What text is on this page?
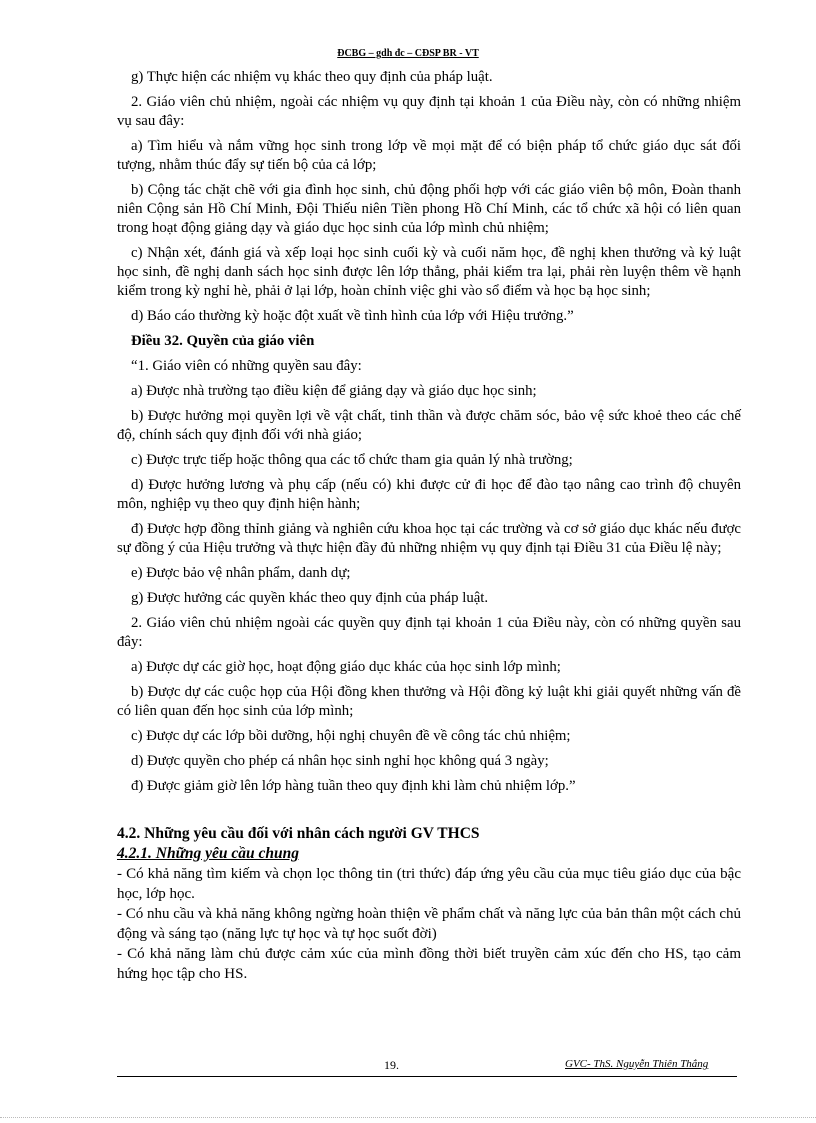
ĐCBG – gdh đc – CĐSP BR - VT

g) Thực hiện các nhiệm vụ khác theo quy định của pháp luật.

2. Giáo viên chủ nhiệm, ngoài các nhiệm vụ quy định tại khoản 1 của Điều này, còn có những nhiệm vụ sau đây:

a) Tìm hiểu và nắm vững học sinh trong lớp về mọi mặt để có biện pháp tổ chức giáo dục sát đối tượng, nhằm thúc đẩy sự tiến bộ của cả lớp;

b) Cộng tác chặt chẽ với gia đình học sinh, chủ động phối hợp với các giáo viên bộ môn, Đoàn thanh niên Cộng sản Hồ Chí Minh, Đội Thiếu niên Tiền phong Hồ Chí Minh, các tổ chức xã hội có liên quan trong hoạt động giảng dạy và giáo dục học sinh của lớp mình chủ nhiệm;

c) Nhận xét, đánh giá và xếp loại học sinh cuối kỳ và cuối năm học, đề nghị khen thưởng và kỷ luật học sinh, đề nghị danh sách học sinh được lên lớp thẳng, phải kiểm tra lại, phải rèn luyện thêm về hạnh kiểm trong kỳ nghỉ hè, phải ở lại lớp, hoàn chỉnh việc ghi vào sổ điểm và học bạ học sinh;

d) Báo cáo thường kỳ hoặc đột xuất về tình hình của lớp với Hiệu trưởng.”

Điều 32. Quyền của giáo viên

“1. Giáo viên có những quyền sau đây:

a) Được nhà trường tạo điều kiện để giảng dạy và giáo dục học sinh;

b) Được hưởng mọi quyền lợi về vật chất, tinh thần và được chăm sóc, bảo vệ sức khoẻ theo các chế độ, chính sách quy định đối với nhà giáo;

c) Được trực tiếp hoặc thông qua các tổ chức tham gia quản lý nhà trường;

d) Được hưởng lương và phụ cấp (nếu có) khi được cử đi học để đào tạo nâng cao trình độ chuyên môn, nghiệp vụ theo quy định hiện hành;

đ) Được hợp đồng thỉnh giảng và nghiên cứu khoa học tại các trường và cơ sở giáo dục khác nếu được sự đồng ý của Hiệu trưởng và thực hiện đầy đủ những nhiệm vụ quy định tại Điều 31 của Điều lệ này;

e) Được bảo vệ nhân phẩm, danh dự;

g) Được hưởng các quyền khác theo quy định của pháp luật.

2. Giáo viên chủ nhiệm ngoài các quyền quy định tại khoản 1 của Điều này, còn có những quyền sau đây:

a) Được dự các giờ học, hoạt động giáo dục khác của học sinh lớp mình;

b) Được dự các cuộc họp của Hội đồng khen thưởng và Hội đồng kỷ luật khi giải quyết những vấn đề có liên quan đến học sinh của lớp mình;

c) Được dự các lớp bồi dưỡng, hội nghị chuyên đề về công tác chủ nhiệm;

d) Được quyền cho phép cá nhân học sinh nghỉ học không quá 3 ngày;

đ) Được giảm giờ lên lớp hàng tuần theo quy định khi làm chủ nhiệm lớp.”

4.2. Những yêu cầu đối với nhân cách người GV THCS
4.2.1. Những yêu cầu chung

- Có khả năng tìm kiếm và chọn lọc thông tin (tri thức) đáp ứng yêu cầu của mục tiêu giáo dục của bậc học, lớp học.

- Có nhu cầu và khả năng không ngừng hoàn thiện về phẩm chất và năng lực của bản thân một cách chủ động và sáng tạo (năng lực tự học và tự học suốt đời)

- Có khả năng làm chủ được cảm xúc của mình đồng thời biết truyền cảm xúc đến cho HS, tạo cảm hứng học tập cho HS.

19.	GVC- ThS. Nguyễn Thiên Thắng
